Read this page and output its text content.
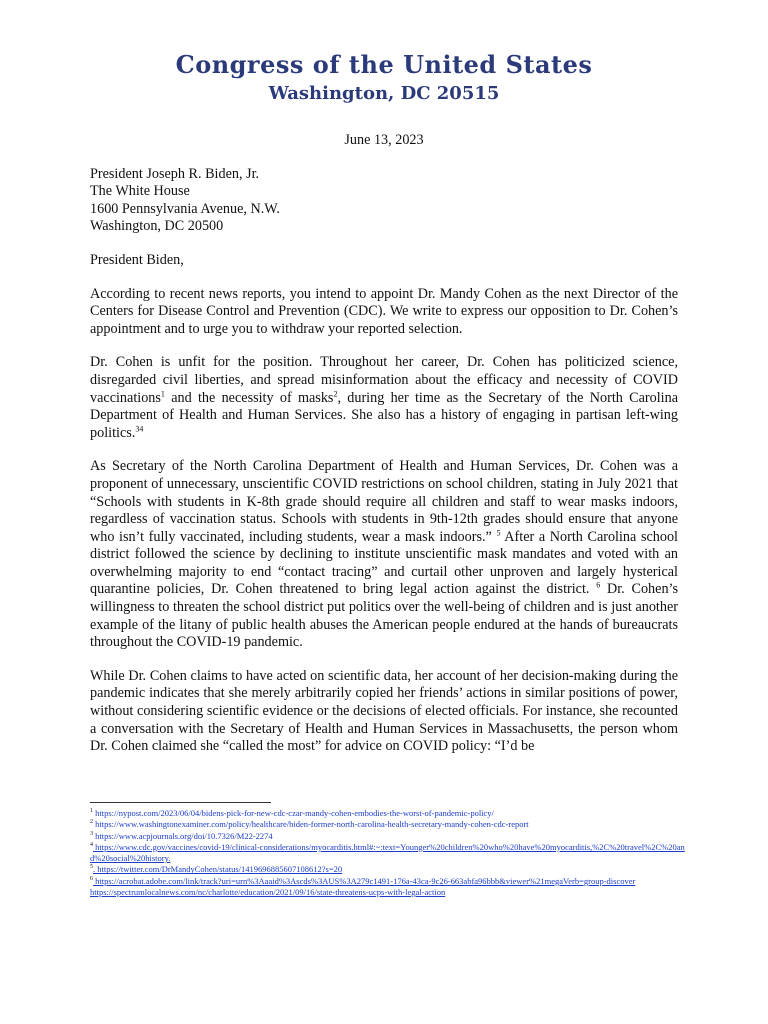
Congress of the United States
Washington, DC 20515
June 13, 2023
President Joseph R. Biden, Jr.
The White House
1600 Pennsylvania Avenue, N.W.
Washington, DC 20500
President Biden,

According to recent news reports, you intend to appoint Dr. Mandy Cohen as the next Director of the Centers for Disease Control and Prevention (CDC). We write to express our opposition to Dr. Cohen’s appointment and to urge you to withdraw your reported selection.

Dr. Cohen is unfit for the position. Throughout her career, Dr. Cohen has politicized science, disregarded civil liberties, and spread misinformation about the efficacy and necessity of COVID vaccinations$^1$ and the necessity of masks$^2$, during her time as the Secretary of the North Carolina Department of Health and Human Services. She also has a history of engaging in partisan left-wing politics.$^{34}$

As Secretary of the North Carolina Department of Health and Human Services, Dr. Cohen was a proponent of unnecessary, unscientific COVID restrictions on school children, stating in July 2021 that “Schools with students in K-8th grade should require all children and staff to wear masks indoors, regardless of vaccination status. Schools with students in 9th-12th grades should ensure that anyone who isn’t fully vaccinated, including students, wear a mask indoors.” $^5$ After a North Carolina school district followed the science by declining to institute unscientific mask mandates and voted with an overwhelming majority to end “contact tracing” and curtail other unproven and largely hysterical quarantine policies, Dr. Cohen threatened to bring legal action against the district. $^6$ Dr. Cohen’s willingness to threaten the school district put politics over the well-being of children and is just another example of the litany of public health abuses the American people endured at the hands of bureaucrats throughout the COVID-19 pandemic.

While Dr. Cohen claims to have acted on scientific data, her account of her decision-making during the pandemic indicates that she merely arbitrarily copied her friends’ actions in similar positions of power, without considering scientific evidence or the decisions of elected officials. For instance, she recounted a conversation with the Secretary of Health and Human Services in Massachusetts, the person whom Dr. Cohen claimed she “called the most” for advice on COVID policy: “I’d be

$^1$ https://nypost.com/2023/06/04/bidens-pick-for-new-cdc-czar-mandy-cohen-embodies-the-worst-of-pandemic-policy/
$^2$ https://www.washingtonexaminer.com/policy/healthcare/biden-former-north-carolina-health-secretary-mandy-cohen-cdc-report
$^3$ https://www.acpjournals.org/doi/10.7326/M22-2274
$^4$ https://www.cdc.gov/vaccines/covid-19/clinical-considerations/myocarditis.html#:~:text=Younger%20children%20who%20have%20myocarditis,%2C%20travel%2C%20and%20social%20history.
$^5$. https://twitter.com/DrMandyCohen/status/1419696885607108612?s=20
$^6$ https://acrobat.adobe.com/link/track?uri=urn%3Aaaid%3Ascds%3AUS%3A279c1491-176a-43ca-9c26-663abfa96bbb&viewer%21megaVerb=group-discover
https://spectrumlocalnews.com/nc/charlotte/education/2021/09/16/state-threatens-ucps-with-legal-action
